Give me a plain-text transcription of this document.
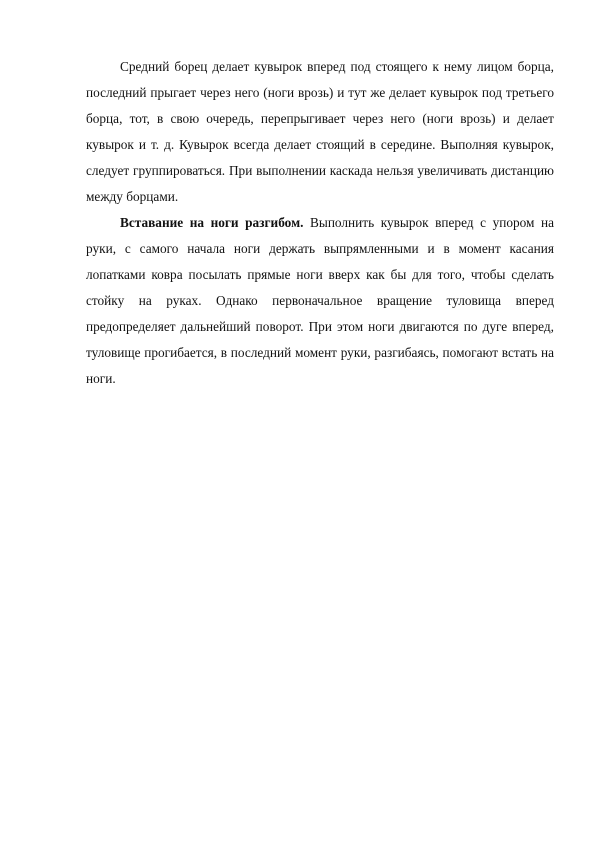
Средний борец делает кувырок вперед под стоящего к нему лицом борца, последний прыгает через него (ноги врозь) и тут же делает кувырок под третьего борца, тот, в свою очередь, перепрыгивает через него (ноги врозь) и делает кувырок и т. д. Кувырок всегда делает стоящий в середине. Выполняя кувырок, следует группироваться. При выполнении каскада нельзя увеличивать дистанцию между борцами.

Вставание на ноги разгибом. Выполнить кувырок вперед с упором на руки, с самого начала ноги держать выпрямленными и в момент касания лопатками ковра посылать прямые ноги вверх как бы для того, чтобы сделать стойку на руках. Однако первоначальное вращение туловища вперед предопределяет дальнейший поворот. При этом ноги двигаются по дуге вперед, туловище прогибается, в последний момент руки, разгибаясь, помогают встать на ноги.
